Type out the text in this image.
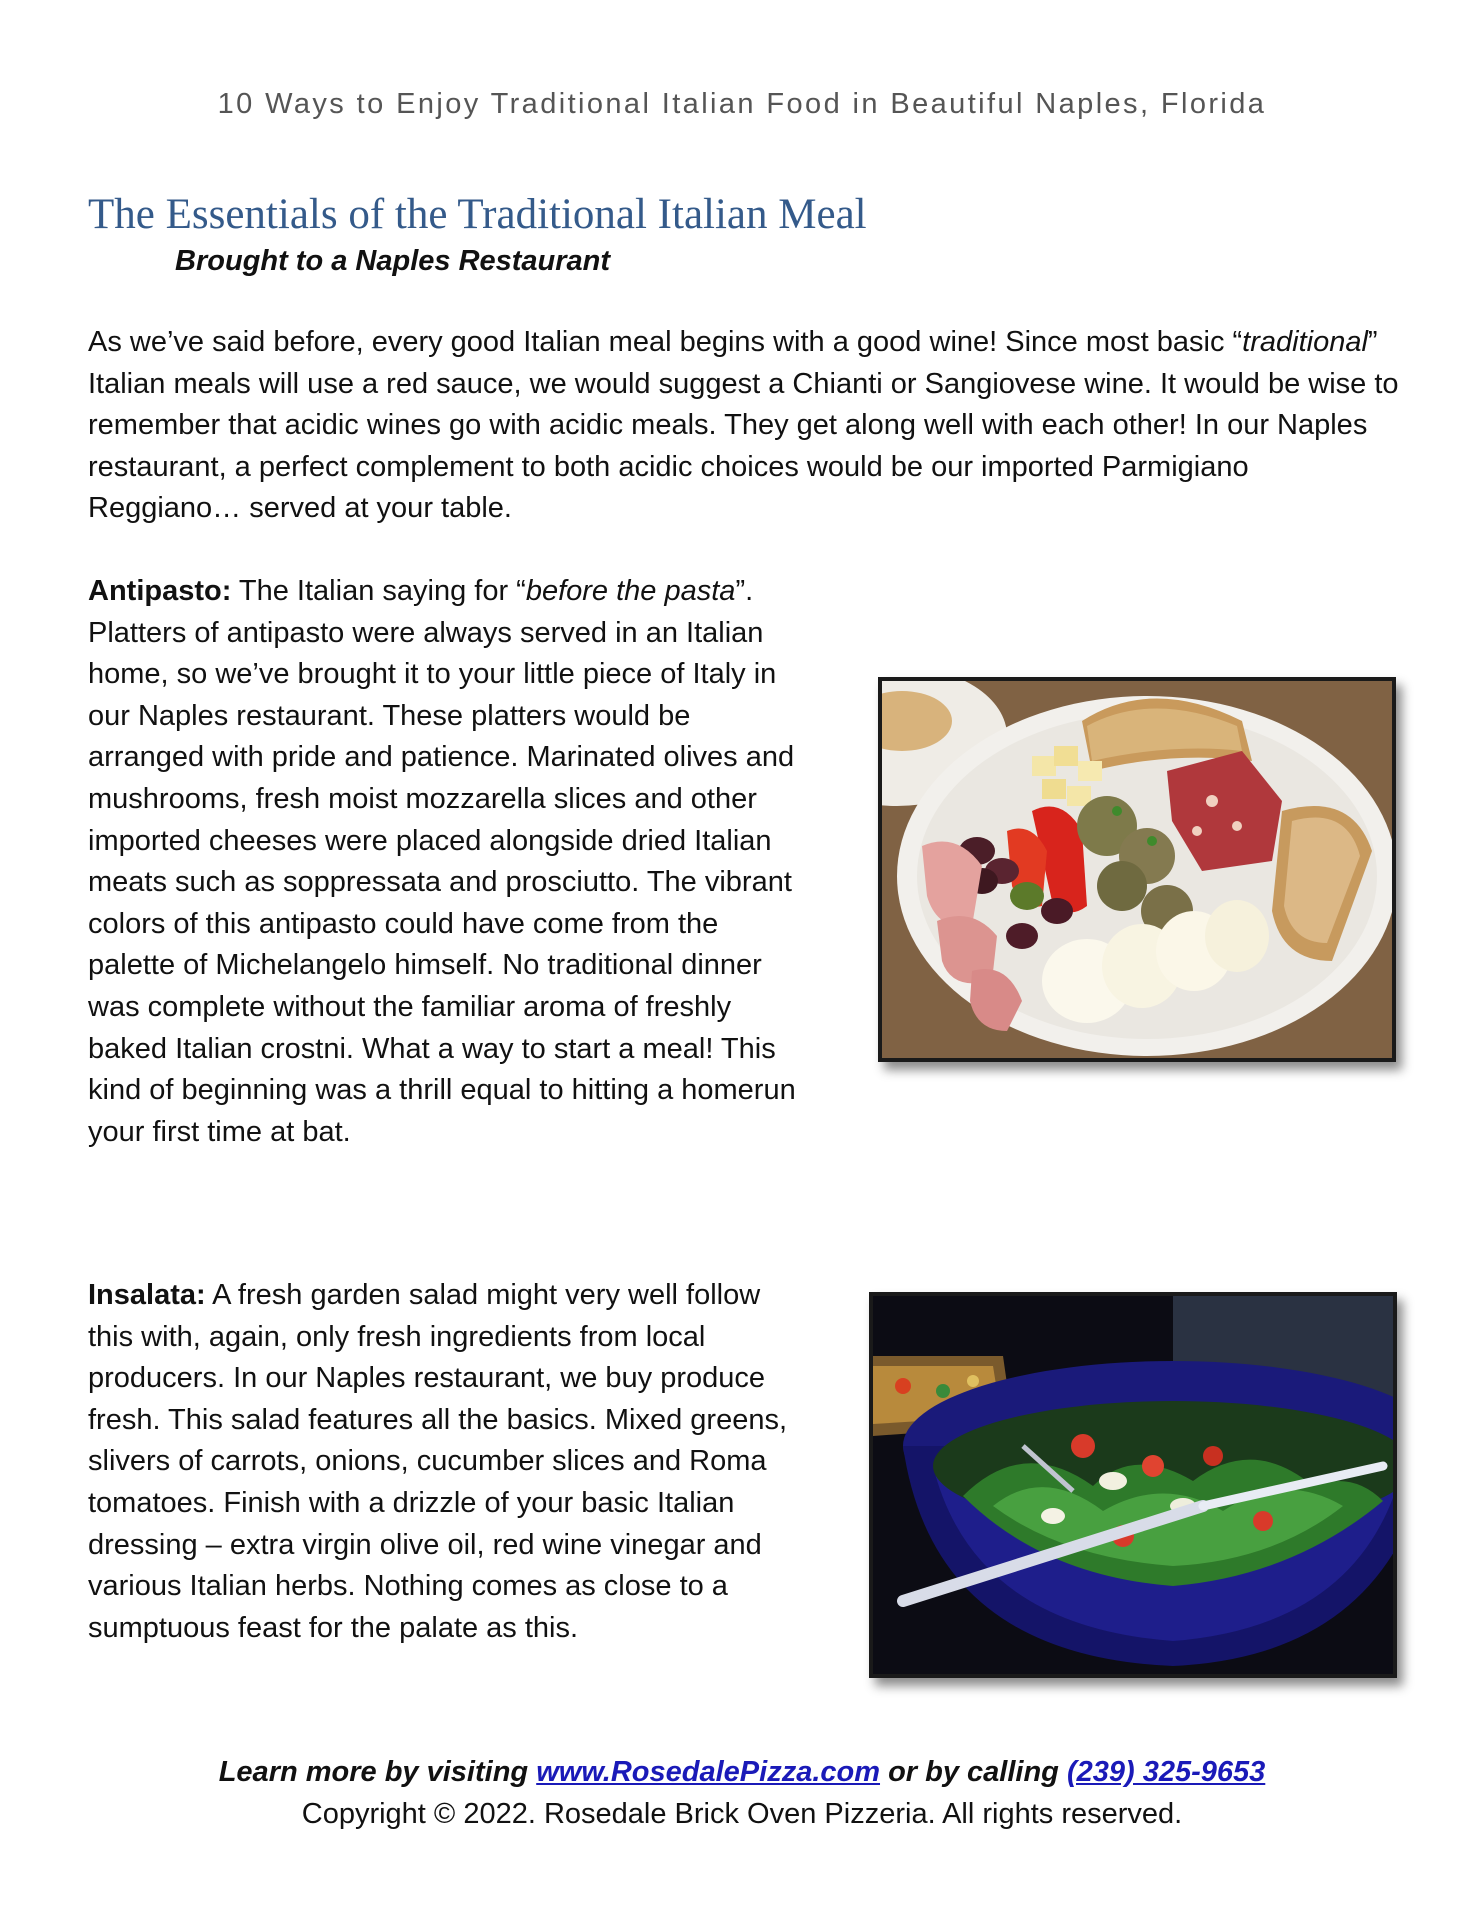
10 Ways to Enjoy Traditional Italian Food in Beautiful Naples, Florida
The Essentials of the Traditional Italian Meal
Brought to a Naples Restaurant

As we’ve said before, every good Italian meal begins with a good wine! Since most basic “traditional” Italian meals will use a red sauce, we would suggest a Chianti or Sangiovese wine. It would be wise to remember that acidic wines go with acidic meals. They get along well with each other! In our Naples restaurant, a perfect complement to both acidic choices would be our imported Parmigiano Reggiano… served at your table.

Antipasto: The Italian saying for “before the pasta”. Platters of antipasto were always served in an Italian home, so we’ve brought it to your little piece of Italy in our Naples restaurant. These platters would be arranged with pride and patience. Marinated olives and mushrooms, fresh moist mozzarella slices and other imported cheeses were placed alongside dried Italian meats such as soppressata and prosciutto. The vibrant colors of this antipasto could have come from the palette of Michelangelo himself. No traditional dinner was complete without the familiar aroma of freshly baked Italian crostni. What a way to start a meal! This kind of beginning was a thrill equal to hitting a homerun your first time at bat.

Insalata: A fresh garden salad might very well follow this with, again, only fresh ingredients from local producers. In our Naples restaurant, we buy produce fresh. This salad features all the basics. Mixed greens, slivers of carrots, onions, cucumber slices and Roma tomatoes. Finish with a drizzle of your basic Italian dressing – extra virgin olive oil, red wine vinegar and various Italian herbs. Nothing comes as close to a sumptuous feast for the palate as this.

Learn more by visiting www.RosedalePizza.com or by calling (239) 325-9653
Copyright © 2022. Rosedale Brick Oven Pizzeria. All rights reserved.
